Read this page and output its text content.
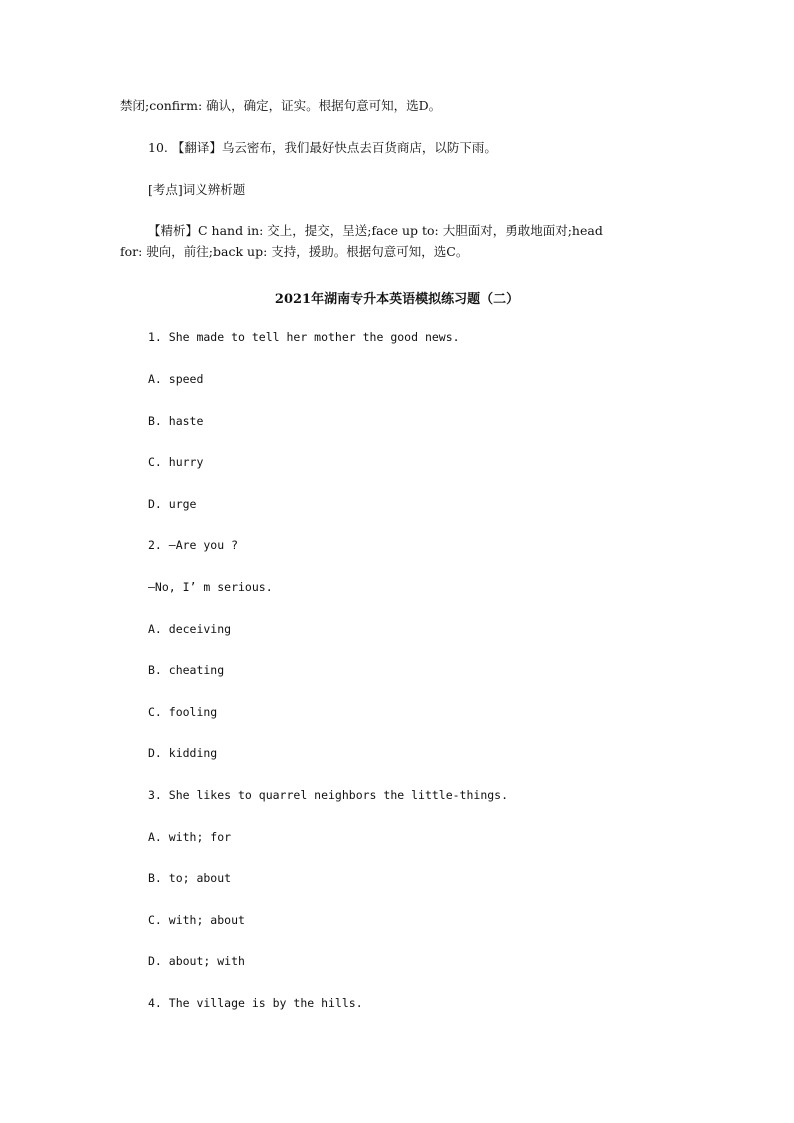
禁闭;confirm: 确认，确定，证实。根据句意可知，选D。
10. 【翻译】乌云密布，我们最好快点去百货商店，以防下雨。
[考点]词义辨析题
【精析】C hand in: 交上，提交，呈送;face up to: 大胆面对，勇敢地面对;head
for: 驶向，前往;back up: 支持，援助。根据句意可知，选C。
2021年湖南专升本英语模拟练习题（二）
1. She made to tell her mother the good news.
A. speed
B. haste
C. hurry
D. urge
2. —Are you ?
—No, I’ m serious.
A. deceiving
B. cheating
C. fooling
D. kidding
3. She likes to quarrel neighbors the little-things.
A. with; for
B. to; about
C. with; about
D. about; with
4. The village is by the hills.
